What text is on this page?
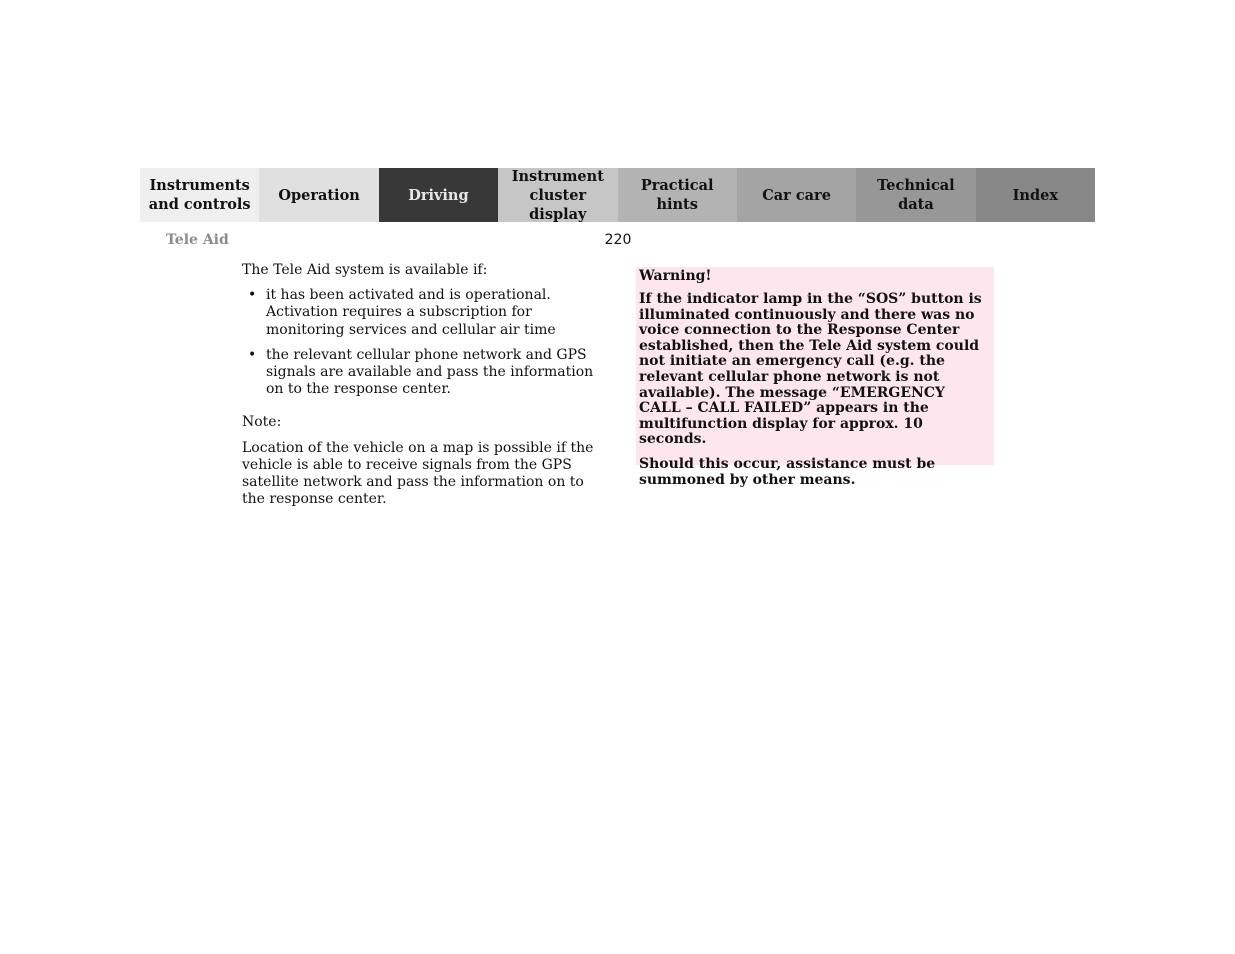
Instruments
and controls
Operation	Driving
Instrument
cluster display
Practical hints
Car care
Technical
data
Index
Tele Aid	220

The Tele Aid system is available if:

• it has been activated and is operational. Activation requires a subscription for monitoring services and cellular air time
• the relevant cellular phone network and GPS signals are available and pass the information on to the response center.

Note:

Location of the vehicle on a map is possible if the vehicle is able to receive signals from the GPS satellite network and pass the information on to the response center.

Warning!

If the indicator lamp in the “SOS” button is illuminated continuously and there was no voice connection to the Response Center established, then the Tele Aid system could not initiate an emergency call (e.g. the relevant cellular phone network is not available). The message “EMERGENCY CALL – CALL FAILED” appears in the multifunction display for approx. 10 seconds.

Should this occur, assistance must be summoned by other means.
